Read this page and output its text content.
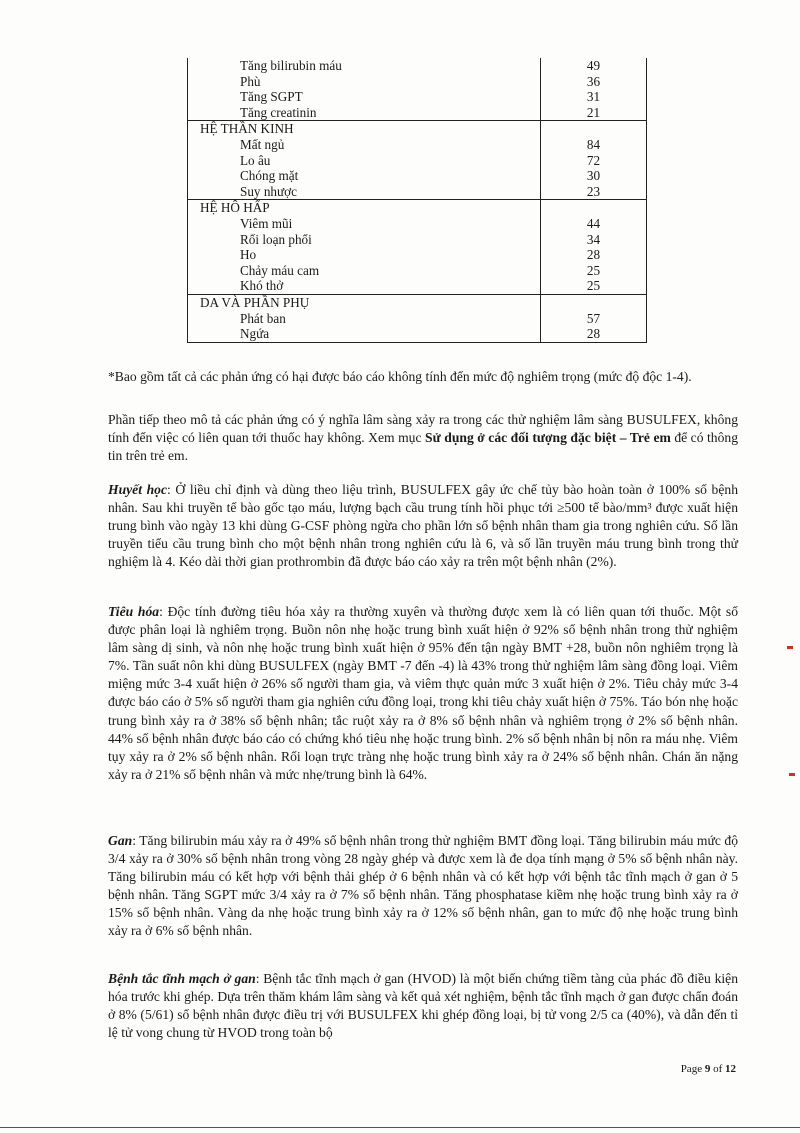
Tăng bilirubin máu	49
Phù	36
Tăng SGPT	31
Tăng creatinin	21
HỆ THẦN KINH	
Mất ngủ	84
Lo âu	72
Chóng mặt	30
Suy nhược	23
HỆ HÔ HẤP	
Viêm mũi	44
Rối loạn phổi	34
Ho	28
Chảy máu cam	25
Khó thở	25
DA VÀ PHẦN PHỤ	
Phát ban	57
Ngứa	28

*Bao gồm tất cả các phản ứng có hại được báo cáo không tính đến mức độ nghiêm trọng (mức độ độc 1-4).

Phần tiếp theo mô tả các phản ứng có ý nghĩa lâm sàng xảy ra trong các thử nghiệm lâm sàng BUSULFEX, không tính đến việc có liên quan tới thuốc hay không. Xem mục Sử dụng ở các đối tượng đặc biệt – Trẻ em để có thông tin trên trẻ em.

Huyết học: Ở liều chỉ định và dùng theo liệu trình, BUSULFEX gây ức chế tủy bào hoàn toàn ở 100% số bệnh nhân. Sau khi truyền tế bào gốc tạo máu, lượng bạch cầu trung tính hồi phục tới ≥500 tế bào/mm³ được xuất hiện trung bình vào ngày 13 khi dùng G-CSF phòng ngừa cho phần lớn số bệnh nhân tham gia trong nghiên cứu. Số lần truyền tiểu cầu trung bình cho một bệnh nhân trong nghiên cứu là 6, và số lần truyền máu trung bình trong thử nghiệm là 4. Kéo dài thời gian prothrombin đã được báo cáo xảy ra trên một bệnh nhân (2%).

Tiêu hóa: Độc tính đường tiêu hóa xảy ra thường xuyên và thường được xem là có liên quan tới thuốc. Một số được phân loại là nghiêm trọng. Buồn nôn nhẹ hoặc trung bình xuất hiện ở 92% số bệnh nhân trong thử nghiệm lâm sàng dị sinh, và nôn nhẹ hoặc trung bình xuất hiện ở 95% đến tận ngày BMT +28, buồn nôn nghiêm trọng là 7%. Tần suất nôn khi dùng BUSULFEX (ngày BMT -7 đến -4) là 43% trong thử nghiệm lâm sàng đồng loại. Viêm miệng mức 3-4 xuất hiện ở 26% số người tham gia, và viêm thực quản mức 3 xuất hiện ở 2%. Tiêu chảy mức 3-4 được báo cáo ở 5% số người tham gia nghiên cứu đồng loại, trong khi tiêu chảy xuất hiện ở 75%. Táo bón nhẹ hoặc trung bình xảy ra ở 38% số bệnh nhân; tắc ruột xảy ra ở 8% số bệnh nhân và nghiêm trọng ở 2% số bệnh nhân. 44% số bệnh nhân được báo cáo có chứng khó tiêu nhẹ hoặc trung bình. 2% số bệnh nhân bị nôn ra máu nhẹ. Viêm tụy xảy ra ở 2% số bệnh nhân. Rối loạn trực tràng nhẹ hoặc trung bình xảy ra ở 24% số bệnh nhân. Chán ăn nặng xảy ra ở 21% số bệnh nhân và mức nhẹ/trung bình là 64%.

Gan: Tăng bilirubin máu xảy ra ở 49% số bệnh nhân trong thử nghiệm BMT đồng loại. Tăng bilirubin máu mức độ 3/4 xảy ra ở 30% số bệnh nhân trong vòng 28 ngày ghép và được xem là đe dọa tính mạng ở 5% số bệnh nhân này. Tăng bilirubin máu có kết hợp với bệnh thải ghép ở 6 bệnh nhân và có kết hợp với bệnh tắc tĩnh mạch ở gan ở 5 bệnh nhân. Tăng SGPT mức 3/4 xảy ra ở 7% số bệnh nhân. Tăng phosphatase kiềm nhẹ hoặc trung bình xảy ra ở 15% số bệnh nhân. Vàng da nhẹ hoặc trung bình xảy ra ở 12% số bệnh nhân, gan to mức độ nhẹ hoặc trung bình xảy ra ở 6% số bệnh nhân.

Bệnh tắc tĩnh mạch ở gan: Bệnh tắc tĩnh mạch ở gan (HVOD) là một biến chứng tiềm tàng của phác đồ điều kiện hóa trước khi ghép. Dựa trên thăm khám lâm sàng và kết quả xét nghiệm, bệnh tắc tĩnh mạch ở gan được chẩn đoán ở 8% (5/61) số bệnh nhân được điều trị với BUSULFEX khi ghép đồng loại, bị tử vong 2/5 ca (40%), và dẫn đến tỉ lệ tử vong chung từ HVOD trong toàn bộ

Page 9 of 12
